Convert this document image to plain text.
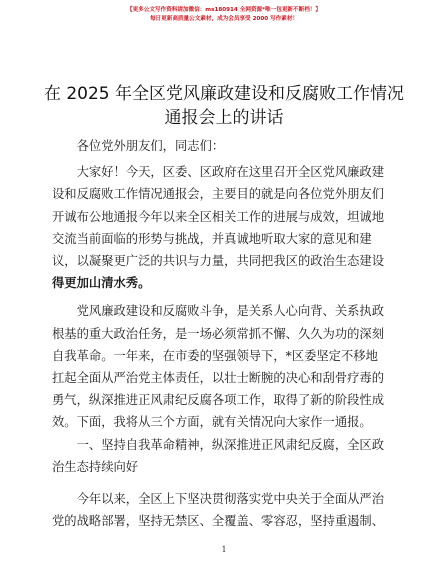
【更多公文写作资料请加微信：ms180914 全网资源*唯一包更新不断档！】
每日更新高质量公文素材，成为会员享受 2000 写作素材！
在 2025 年全区党风廉政建设和反腐败工作情况
通报会上的讲话

各位党外朋友们，同志们：

大家好！今天，区委、区政府在这里召开全区党风廉政建
设和反腐败工作情况通报会，主要目的就是向各位党外朋友们
开诚布公地通报今年以来全区相关工作的进展与成效，坦诚地
交流当前面临的形势与挑战，并真诚地听取大家的意见和建
议，以凝聚更广泛的共识与力量，共同把我区的政治生态建设
得更加山清水秀。
党风廉政建设和反腐败斗争，是关系人心向背、关系执政
根基的重大政治任务，是一场必须常抓不懈、久久为功的深刻
自我革命。一年来，在市委的坚强领导下，*区委坚定不移地
扛起全面从严治党主体责任，以壮士断腕的决心和刮骨疗毒的
勇气，纵深推进正风肃纪反腐各项工作，取得了新的阶段性成
效。下面，我将从三个方面，就有关情况向大家作一通报。
一、坚持自我革命精神，纵深推进正风肃纪反腐，全区政
治生态持续向好
今年以来，全区上下坚决贯彻落实党中央关于全面从严治
党的战略部署，坚持无禁区、全覆盖、零容忍，坚持重遏制、
1
